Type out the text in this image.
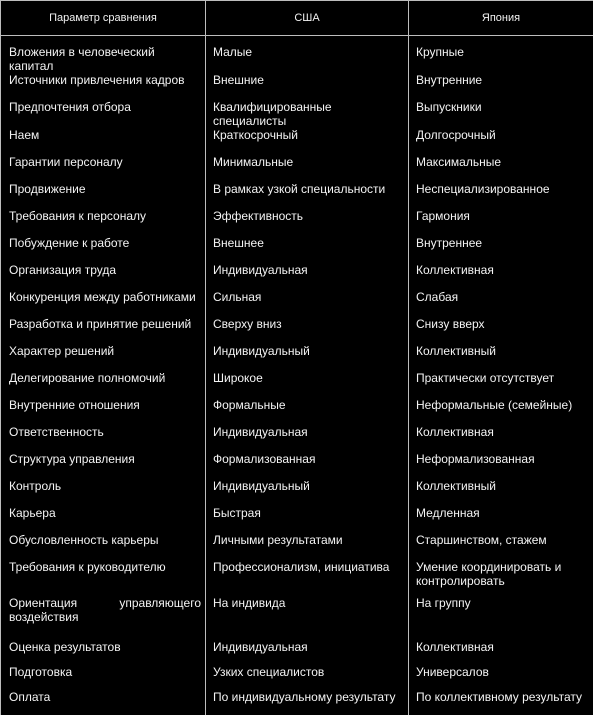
Параметр сравнения	США	Япония
Вложения в человеческий капитал	Малые	Крупные
Источники привлечения кадров	Внешние	Внутренние
Предпочтения отбора	Квалифицированные специалисты	Выпускники
Наем	Краткосрочный	Долгосрочный
Гарантии персоналу	Минимальные	Максимальные
Продвижение	В рамках узкой специальности	Неспециализированное
Требования к персоналу	Эффективность	Гармония
Побуждение к работе	Внешнее	Внутреннее
Организация труда	Индивидуальная	Коллективная
Конкуренция между работниками	Сильная	Слабая
Разработка и принятие решений	Сверху вниз	Снизу вверх
Характер решений	Индивидуальный	Коллективный
Делегирование полномочий	Широкое	Практически отсутствует
Внутренние отношения	Формальные	Неформальные (семейные)
Ответственность	Индивидуальная	Коллективная
Структура управления	Формализованная	Неформализованная
Контроль	Индивидуальный	Коллективный
Карьера	Быстрая	Медленная
Обусловленность карьеры	Личными результатами	Старшинством, стажем
Требования к руководителю	Профессионализм, инициатива	Умение координировать и контролировать
Ориентация управляющего воздействия	На индивида	На группу
Оценка результатов	Индивидуальная	Коллективная
Подготовка	Узких специалистов	Универсалов
Оплата	По индивидуальному результату	По коллективному результату
